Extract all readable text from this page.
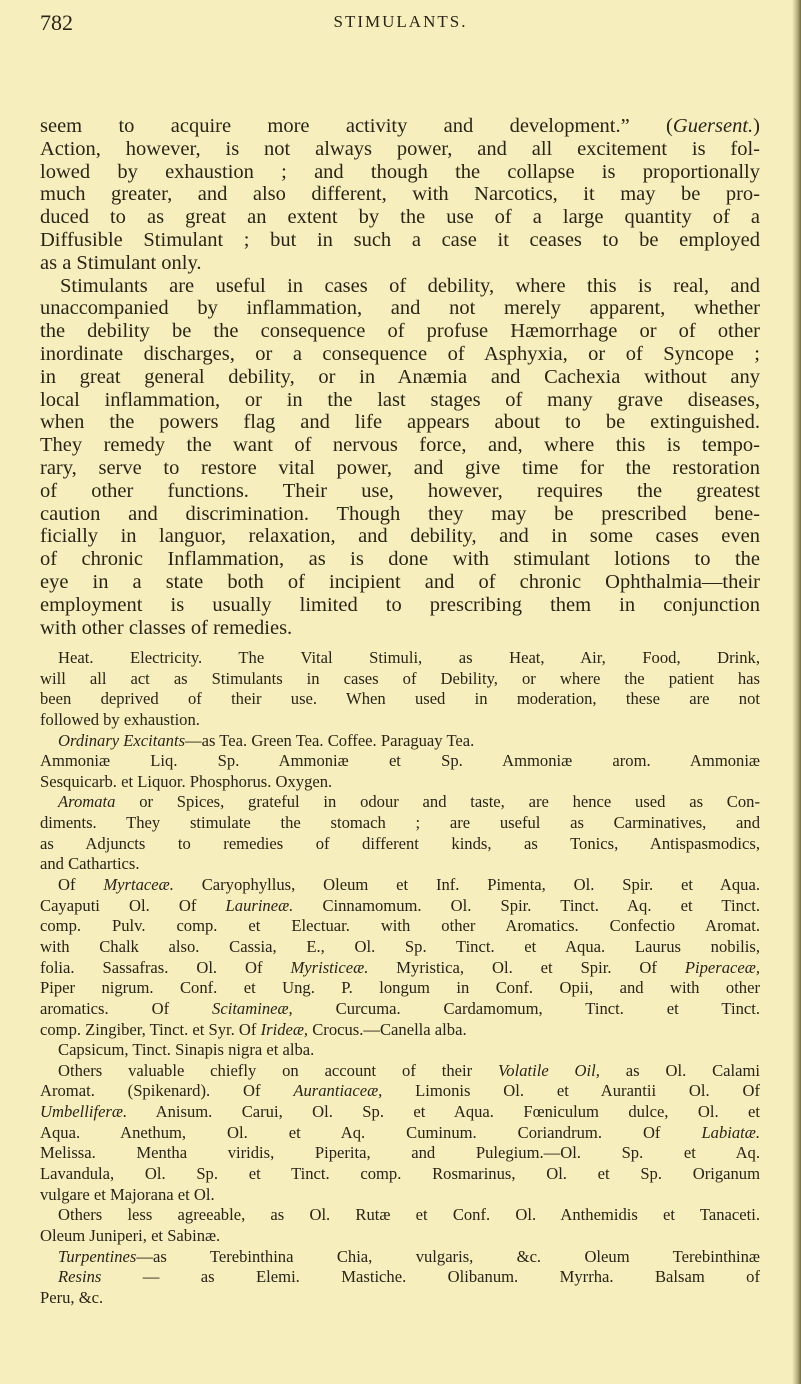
782	STIMULANTS.
seem to acquire more activity and development.” (Guersent.)
Action, however, is not always power, and all excitement is fol-
lowed by exhaustion ; and though the collapse is proportionally
much greater, and also different, with Narcotics, it may be pro-
duced to as great an extent by the use of a large quantity of a
Diffusible Stimulant ; but in such a case it ceases to be employed
as a Stimulant only.
Stimulants are useful in cases of debility, where this is real, and
unaccompanied by inflammation, and not merely apparent, whether
the debility be the consequence of profuse Hæmorrhage or of other
inordinate discharges, or a consequence of Asphyxia, or of Syncope ;
in great general debility, or in Anæmia and Cachexia without any
local inflammation, or in the last stages of many grave diseases,
when the powers flag and life appears about to be extinguished.
They remedy the want of nervous force, and, where this is tempo-
rary, serve to restore vital power, and give time for the restoration
of other functions. Their use, however, requires the greatest
caution and discrimination. Though they may be prescribed bene-
ficially in languor, relaxation, and debility, and in some cases even
of chronic Inflammation, as is done with stimulant lotions to the
eye in a state both of incipient and of chronic Ophthalmia—their
employment is usually limited to prescribing them in conjunction
with other classes of remedies.
Heat. Electricity. The Vital Stimuli, as Heat, Air, Food, Drink,
will all act as Stimulants in cases of Debility, or where the patient has
been deprived of their use. When used in moderation, these are not
followed by exhaustion.
Ordinary Excitants—as Tea. Green Tea. Coffee. Paraguay Tea.
Ammoniæ Liq. Sp. Ammoniæ et Sp. Ammoniæ arom. Ammoniæ
Sesquicarb. et Liquor. Phosphorus. Oxygen.
Aromata or Spices, grateful in odour and taste, are hence used as Con-
diments. They stimulate the stomach ; are useful as Carminatives, and
as Adjuncts to remedies of different kinds, as Tonics, Antispasmodics,
and Cathartics.
Of Myrtaceæ. Caryophyllus, Oleum et Inf. Pimenta, Ol. Spir. et Aqua.
Cayaputi Ol. Of Laurineæ. Cinnamomum. Ol. Spir. Tinct. Aq. et Tinct.
comp. Pulv. comp. et Electuar. with other Aromatics. Confectio Aromat.
with Chalk also. Cassia, E., Ol. Sp. Tinct. et Aqua. Laurus nobilis,
folia. Sassafras. Ol. Of Myristiceæ. Myristica, Ol. et Spir. Of Piperaceæ,
Piper nigrum. Conf. et Ung. P. longum in Conf. Opii, and with other
aromatics. Of Scitamineæ, Curcuma. Cardamomum, Tinct. et Tinct.
comp. Zingiber, Tinct. et Syr. Of Irideæ, Crocus.—Canella alba.
Capsicum, Tinct. Sinapis nigra et alba.
Others valuable chiefly on account of their Volatile Oil, as Ol. Calami
Aromat. (Spikenard). Of Aurantiaceæ, Limonis Ol. et Aurantii Ol. Of
Umbelliferæ. Anisum. Carui, Ol. Sp. et Aqua. Fœniculum dulce, Ol. et
Aqua. Anethum, Ol. et Aq. Cuminum. Coriandrum. Of Labiatæ.
Melissa. Mentha viridis, Piperita, and Pulegium.—Ol. Sp. et Aq.
Lavandula, Ol. Sp. et Tinct. comp. Rosmarinus, Ol. et Sp. Origanum
vulgare et Majorana et Ol.
Others less agreeable, as Ol. Rutæ et Conf. Ol. Anthemidis et Tanaceti.
Oleum Juniperi, et Sabinæ.
Turpentines—as Terebinthina Chia, vulgaris, &c. Oleum Terebinthinæ
Resins — as Elemi. Mastiche. Olibanum. Myrrha. Balsam of
Peru, &c.
